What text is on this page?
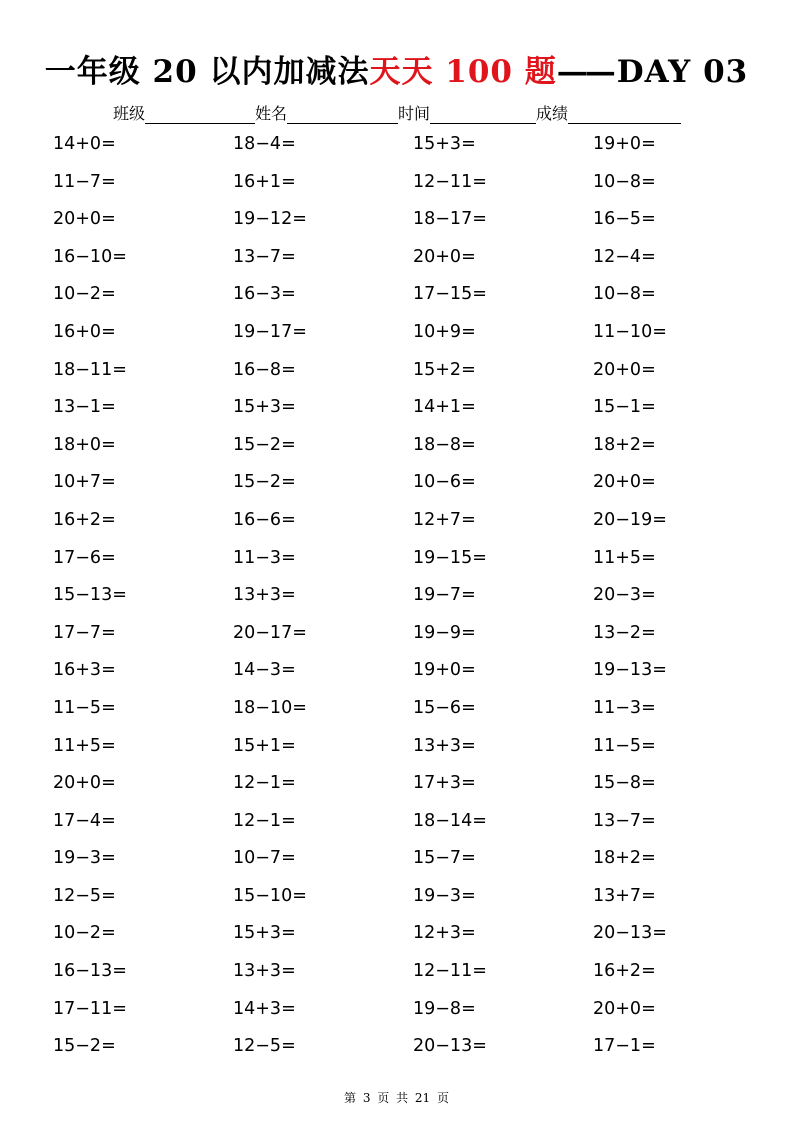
一年级 20 以内加减法天天 100 题—— DAY 03
班级	姓名	时间	成绩
14+0=	18−4=	15+3=	19+0=
11−7=	16+1=	12−11=	10−8=
20+0=	19−12=	18−17=	16−5=
16−10=	13−7=	20+0=	12−4=
10−2=	16−3=	17−15=	10−8=
16+0=	19−17=	10+9=	11−10=
18−11=	16−8=	15+2=	20+0=
13−1=	15+3=	14+1=	15−1=
18+0=	15−2=	18−8=	18+2=
10+7=	15−2=	10−6=	20+0=
16+2=	16−6=	12+7=	20−19=
17−6=	11−3=	19−15=	11+5=
15−13=	13+3=	19−7=	20−3=
17−7=	20−17=	19−9=	13−2=
16+3=	14−3=	19+0=	19−13=
11−5=	18−10=	15−6=	11−3=
11+5=	15+1=	13+3=	11−5=
20+0=	12−1=	17+3=	15−8=
17−4=	12−1=	18−14=	13−7=
19−3=	10−7=	15−7=	18+2=
12−5=	15−10=	19−3=	13+7=
10−2=	15+3=	12+3=	20−13=
16−13=	13+3=	12−11=	16+2=
17−11=	14+3=	19−8=	20+0=
15−2=	12−5=	20−13=	17−1=
第 3 页 共 21 页
